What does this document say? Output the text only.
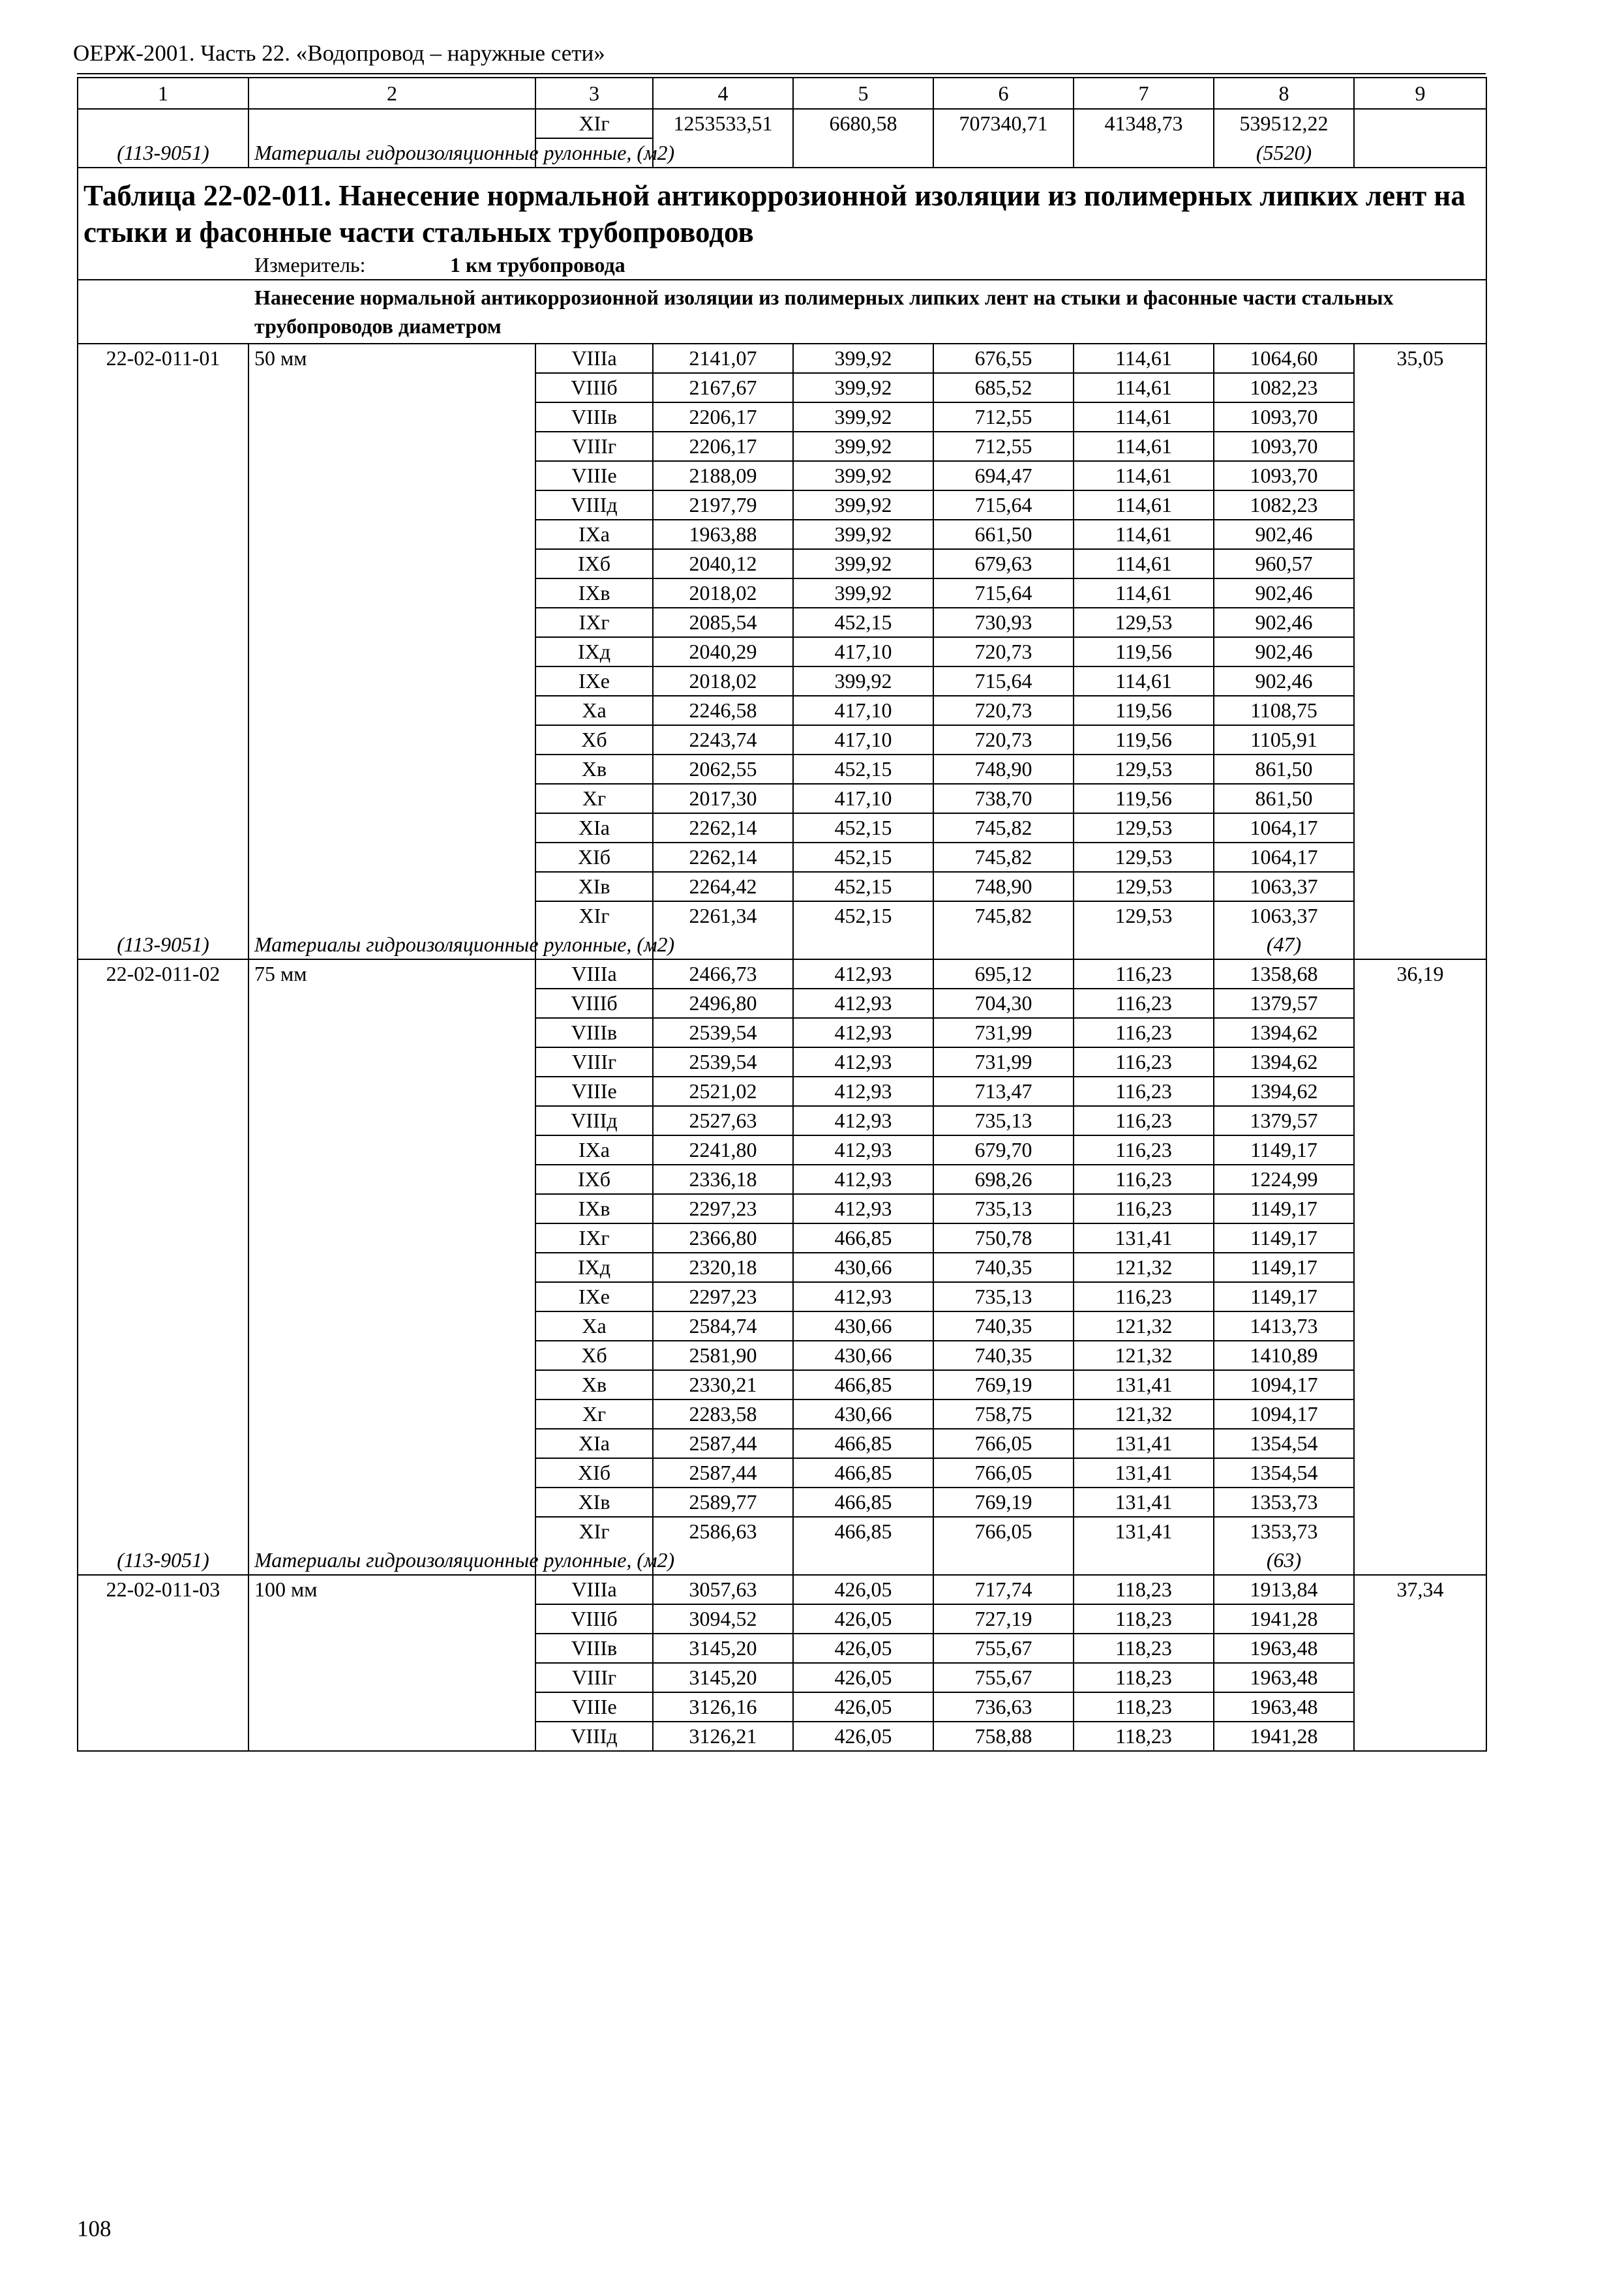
ОЕРЖ-2001. Часть 22. «Водопровод – наружные сети»
1	2	3	4	5	6	7	8	9
		XIг	1253533,51	6680,58	707340,71	41348,73	539512,22	
(113-9051)	Материалы гидроизоляционные рулонные, (м2)						(5520)	

Таблица 22-02-011. Нанесение нормальной антикоррозионной изоляции из полимерных липких лент на стыки и фасонные части стальных трубопроводов
Измеритель: 1 км трубопровода								

Нанесение нормальной антикоррозионной изоляции из полимерных липких лент на стыки и фасонные части стальных трубопроводов диаметром								

22-02-011-01	50 мм	VIIIа	2141,07	399,92	676,55	114,61	1064,60	35,05
		VIIIб	2167,67	399,92	685,52	114,61	1082,23	
		VIIIв	2206,17	399,92	712,55	114,61	1093,70	
		VIIIг	2206,17	399,92	712,55	114,61	1093,70	
		VIIIе	2188,09	399,92	694,47	114,61	1093,70	
		VIIIд	2197,79	399,92	715,64	114,61	1082,23	
		IXа	1963,88	399,92	661,50	114,61	902,46	
		IXб	2040,12	399,92	679,63	114,61	960,57	
		IXв	2018,02	399,92	715,64	114,61	902,46	
		IXг	2085,54	452,15	730,93	129,53	902,46	
		IXд	2040,29	417,10	720,73	119,56	902,46	
		IXе	2018,02	399,92	715,64	114,61	902,46	
		Xа	2246,58	417,10	720,73	119,56	1108,75	
		Xб	2243,74	417,10	720,73	119,56	1105,91	
		Xв	2062,55	452,15	748,90	129,53	861,50	
		Xг	2017,30	417,10	738,70	119,56	861,50	
		XIа	2262,14	452,15	745,82	129,53	1064,17	
		XIб	2262,14	452,15	745,82	129,53	1064,17	
		XIв	2264,42	452,15	748,90	129,53	1063,37	
		XIг	2261,34	452,15	745,82	129,53	1063,37	
(113-9051)	Материалы гидроизоляционные рулонные, (м2)						(47)	
22-02-011-02	75 мм	VIIIа	2466,73	412,93	695,12	116,23	1358,68	36,19
		VIIIб	2496,80	412,93	704,30	116,23	1379,57	
		VIIIв	2539,54	412,93	731,99	116,23	1394,62	
		VIIIг	2539,54	412,93	731,99	116,23	1394,62	
		VIIIе	2521,02	412,93	713,47	116,23	1394,62	
		VIIIд	2527,63	412,93	735,13	116,23	1379,57	
		IXа	2241,80	412,93	679,70	116,23	1149,17	
		IXб	2336,18	412,93	698,26	116,23	1224,99	
		IXв	2297,23	412,93	735,13	116,23	1149,17	
		IXг	2366,80	466,85	750,78	131,41	1149,17	
		IXд	2320,18	430,66	740,35	121,32	1149,17	
		IXе	2297,23	412,93	735,13	116,23	1149,17	
		Xа	2584,74	430,66	740,35	121,32	1413,73	
		Xб	2581,90	430,66	740,35	121,32	1410,89	
		Xв	2330,21	466,85	769,19	131,41	1094,17	
		Xг	2283,58	430,66	758,75	121,32	1094,17	
		XIа	2587,44	466,85	766,05	131,41	1354,54	
		XIб	2587,44	466,85	766,05	131,41	1354,54	
		XIв	2589,77	466,85	769,19	131,41	1353,73	
		XIг	2586,63	466,85	766,05	131,41	1353,73	
(113-9051)	Материалы гидроизоляционные рулонные, (м2)						(63)	
22-02-011-03	100 мм	VIIIа	3057,63	426,05	717,74	118,23	1913,84	37,34
		VIIIб	3094,52	426,05	727,19	118,23	1941,28	
		VIIIв	3145,20	426,05	755,67	118,23	1963,48	
		VIIIг	3145,20	426,05	755,67	118,23	1963,48	
		VIIIе	3126,16	426,05	736,63	118,23	1963,48	
		VIIIд	3126,21	426,05	758,88	118,23	1941,28	
108
